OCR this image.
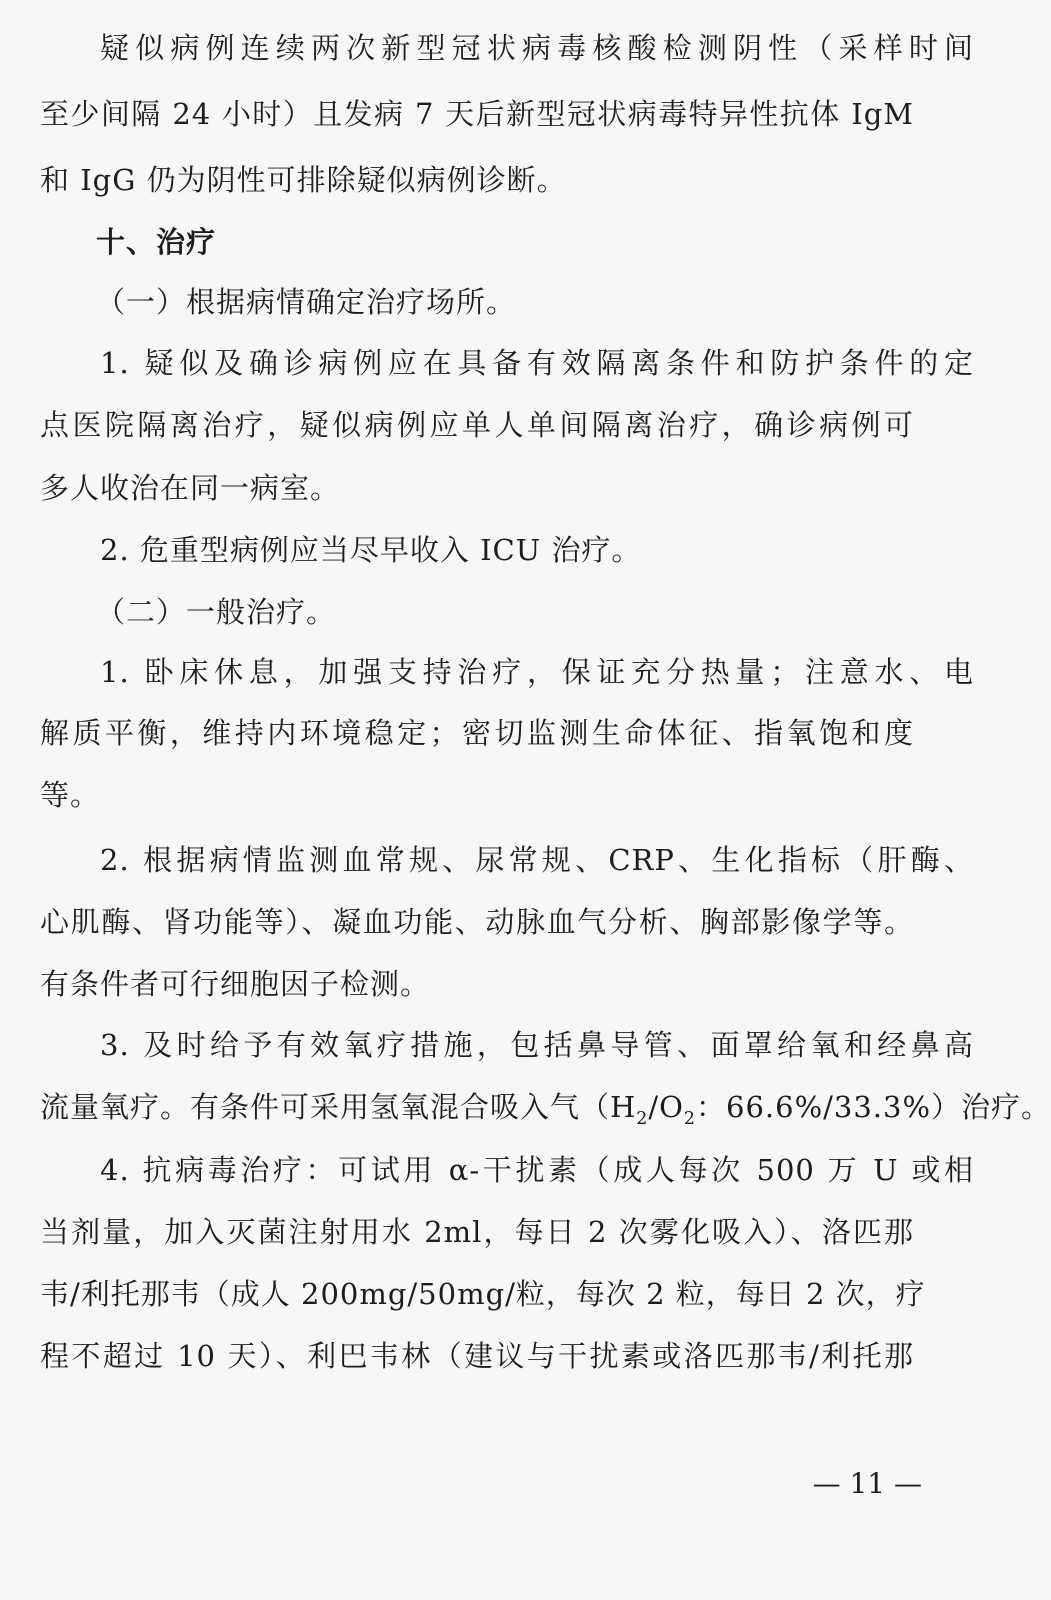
疑似病例连续两次新型冠状病毒核酸检测阴性（采样时间
至少间隔 24 小时）且发病 7 天后新型冠状病毒特异性抗体 IgM
和 IgG 仍为阴性可排除疑似病例诊断。
十、治疗
（一）根据病情确定治疗场所。
1. 疑似及确诊病例应在具备有效隔离条件和防护条件的定
点医院隔离治疗，疑似病例应单人单间隔离治疗，确诊病例可
多人收治在同一病室。
2. 危重型病例应当尽早收入 ICU 治疗。
（二）一般治疗。
1. 卧床休息，加强支持治疗，保证充分热量；注意水、电
解质平衡，维持内环境稳定；密切监测生命体征、指氧饱和度
等。
2. 根据病情监测血常规、尿常规、CRP、生化指标（肝酶、
心肌酶、肾功能等）、凝血功能、动脉血气分析、胸部影像学等。
有条件者可行细胞因子检测。
3. 及时给予有效氧疗措施，包括鼻导管、面罩给氧和经鼻高
流量氧疗。有条件可采用氢氧混合吸入气（$H_2/O_2$：66.6%/33.3%）治疗。
4. 抗病毒治疗：可试用 α-干扰素（成人每次 500 万 U 或相
当剂量，加入灭菌注射用水 2ml，每日 2 次雾化吸入）、洛匹那
韦/利托那韦（成人 200mg/50mg/粒，每次 2 粒，每日 2 次，疗
程不超过 10 天）、利巴韦林（建议与干扰素或洛匹那韦/利托那
— 11 —
